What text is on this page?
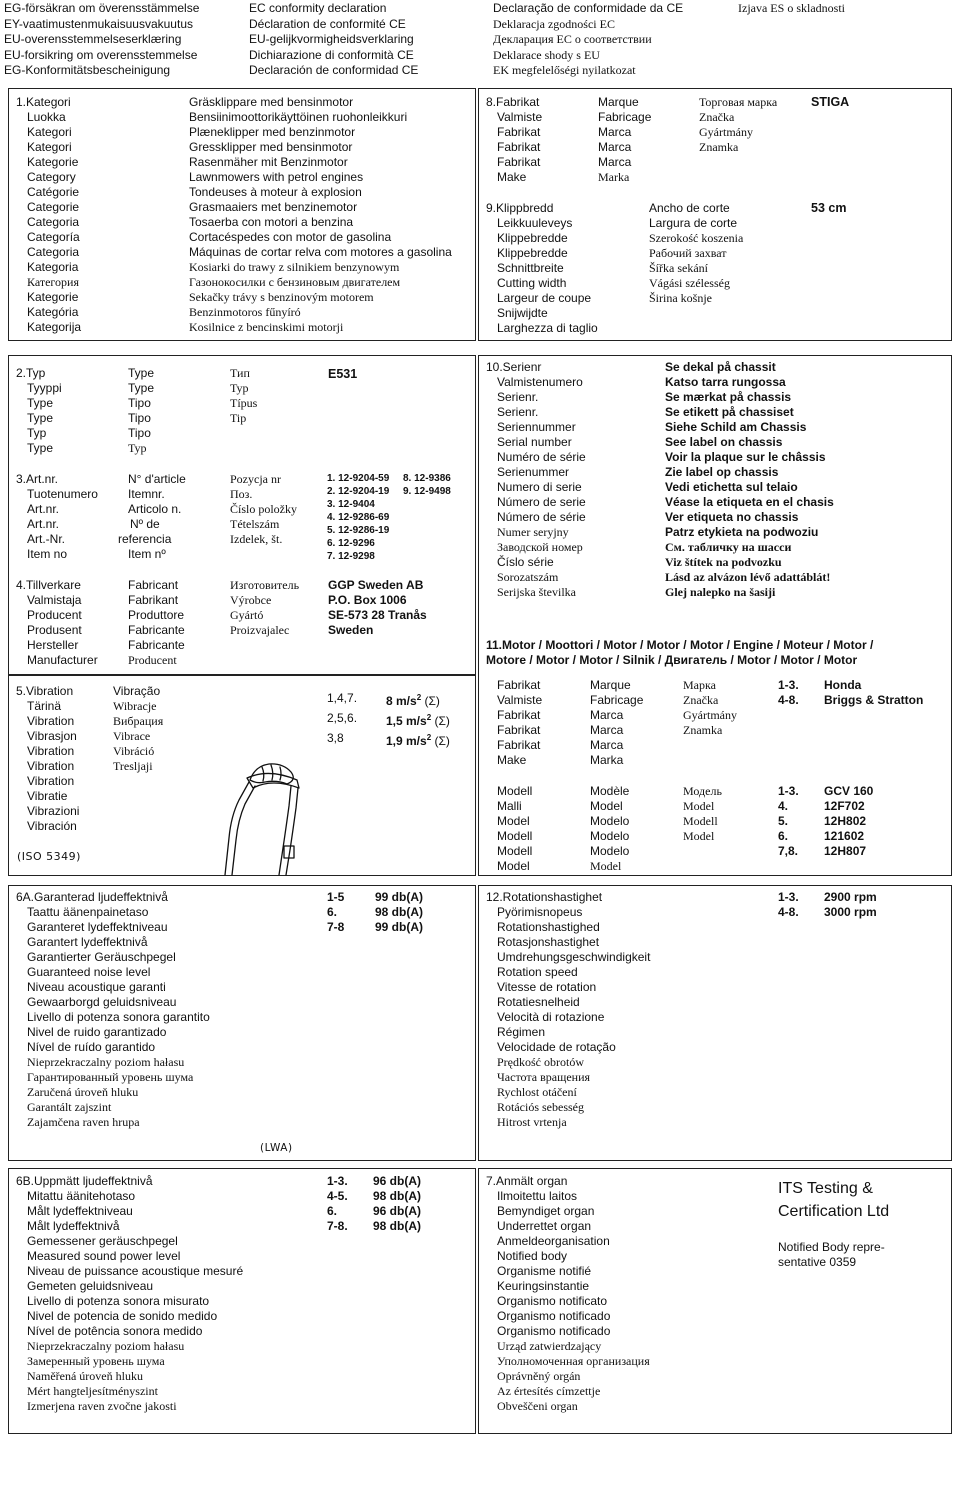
EG-försäkran om överensstämmelse
EY-vaatimustenmukaisuusvakuutus
EU-overensstemmelseserklæring
EU-forsikring om overensstemmelse
EG-Konformitätsbescheinigung
EC conformity declaration
Déclaration de conformité CE
EU-gelijkvormigheidsverklaring
Dichiarazione di conformità CE
Declaración de conformidad CE
Declaração de conformidade da CE
Deklaracja zgodności EC
Декларация ЕС о соответствии
Deklarace shody s EU
EK megfelelőségi nyilatkozat
Izjava ES o skladnosti
1.Kategori
Luokka
Kategori
Kategori
Kategorie
Category
Catégorie
Categorie
Categoria
Categoría
Categoria
Kategoria
Категория
Kategorie
Kategória
Kategorija
Gräsklippare med bensinmotor
Bensiinimoottorikäyttöinen ruohonleikkuri
Plæneklipper med benzinmotor
Gressklipper med bensinmotor
Rasenmäher mit Benzinmotor
Lawnmowers with petrol engines
Tondeuses à moteur à explosion
Grasmaaiers met benzinemotor
Tosaerba con motori a benzina
Cortacéspedes con motor de gasolina
Máquinas de cortar relva com motores a gasolina
Kosiarki do trawy z silnikiem benzynowym
Газонокосилки с бензиновым двигателем
Sekačky trávy s benzinovým motorem
Benzinmotoros fűnyíró
Kosilnice z bencinskimi motorji
8.Fabrikat
Valmiste
Fabrikat
Fabrikat
Fabrikat
Make
Marque
Fabricage
Marca
Marca
Marca
Marka
Торговая марка
Značka
Gyártmány
Znamka
STIGA
9.Klippbredd
Leikkuuleveys
Klippebredde
Klippebredde
Schnittbreite
Cutting width
Largeur de coupe
Snijwijdte
Larghezza di taglio
Ancho de corte
Largura de corte
Szerokość koszenia
Рабочий захват
Šířka sekání
Vágási szélesség
Širina košnje
53 cm
2.Typ
Tyyppi
Type
Type
Typ
Type
Type
Type
Tipo
Tipo
Tipo
Typ
Тип
Typ
Típus
Tip
E531
3.Art.nr.
Tuotenumero
Art.nr.
Art.nr.
Art.-Nr.
Item no
N° d'article
Itemnr.
Articolo n.
Nº de
referencia
Item nº
Pozycja nr
Поз.
Číslo položky
Tételszám
Izdelek, št.
1. 12-9204-59
2. 12-9204-19
3. 12-9404
4. 12-9286-69
5. 12-9286-19
6. 12-9296
7. 12-9298
8. 12-9386
9. 12-9498
4.Tillverkare
Valmistaja
Producent
Produsent
Hersteller
Manufacturer
Fabricant
Fabrikant
Produttore
Fabricante
Fabricante
Producent
Изготовитель
Výrobce
Gyártó
Proizvajalec
GGP Sweden AB
P.O. Box 1006
SE-573 28 Tranås
Sweden
5.Vibration
Tärinä
Vibration
Vibrasjon
Vibration
Vibration
Vibration
Vibratie
Vibrazioni
Vibración
Vibração
Wibracje
Вибрация
Vibrace
Vibráció
Tresljaji
(ISO 5349)
1,4,7.
2,5,6.
3,8
8 $m/s^2$ (Σ)
1,5 $m/s^2$ (Σ)
1,9 $m/s^2$ (Σ)
10.Serienr
Valmistenumero
Serienr.
Serienr.
Seriennummer
Serial number
Numéro de série
Serienummer
Numero di serie
Número de serie
Número de série
Numer seryjny
Заводской номер
Číslo série
Sorozatszám
Serijska številka
Se dekal på chassit
Katso tarra rungossa
Se mærkat på chassis
Se etikett på chassiset
Siehe Schild am Chassis
See label on chassis
Voir la plaque sur le châssis
Zie label op chassis
Vedi etichetta sul telaio
Véase la etiqueta en el chasis
Ver etiqueta no chassis
Patrz etykieta na podwoziu
См. табличку на шасси
Viz štítek na podvozku
Lásd az alvázon lévő adattáblát!
Glej nalepko na šasiji
11.Motor / Moottori / Motor / Motor / Motor / Engine / Moteur / Motor /
Motore / Motor / Motor / Silnik / Двигатель / Motor / Motor / Motor
Fabrikat
Valmiste
Fabrikat
Fabrikat
Fabrikat
Make
Marque
Fabricage
Marca
Marca
Marca
Marka
Марка
Značka
Gyártmány
Znamka
1-3.
4-8.
Honda
Briggs & Stratton
Modell
Malli
Model
Modell
Modell
Model
Modèle
Model
Modelo
Modelo
Modelo
Model
Модель
Model
Modell
Model
1-3.
4.
5.
6.
7,8.
GCV 160
12F702
12H802
121602
12H807
6A.Garanterad ljudeffektnivå
Taattu äänenpainetaso
Garanteret lydeffektniveau
Garantert lydeffektnivå
Garantierter Geräuschpegel
Guaranteed noise level
Niveau acoustique garanti
Gewaarborgd geluidsniveau
Livello di potenza sonora garantito
Nivel de ruido garantizado
Nível de ruído garantido
Nieprzekraczalny poziom hałasu
Гарантированный уровень шума
Zaručená úroveň hluku
Garantált zajszint
Zajamčena raven hrupa
1-5
6.
7-8
99 db(A)
98 db(A)
99 db(A)
(LWA)
12.Rotationshastighet
Pyörimisnopeus
Rotationshastighed
Rotasjonshastighet
Umdrehungsgeschwindigkeit
Rotation speed
Vitesse de rotation
Rotatiesnelheid
Velocità di rotazione
Régimen
Velocidade de rotação
Prędkość obrotów
Частота вращения
Rychlost otáčení
Rotációs sebesség
Hitrost vrtenja
1-3.
4-8.
2900 rpm
3000 rpm
6B.Uppmätt ljudeffektnivå
Mitattu äänitehotaso
Målt lydeffektniveau
Målt lydeffektnivå
Gemessener geräuschpegel
Measured sound power level
Niveau de puissance acoustique mesuré
Gemeten geluidsniveau
Livello di potenza sonora misurato
Nivel de potencia de sonido medido
Nível de potência sonora medido
Nieprzekraczalny poziom hałasu
Замеренный уровень шума
Naměřená úroveň hluku
Mért hangteljesítményszint
Izmerjena raven zvočne jakosti
1-3.
4-5.
6.
7-8.
96 db(A)
98 db(A)
96 db(A)
98 db(A)
7.Anmält organ
Ilmoitettu laitos
Bemyndiget organ
Underrettet organ
Anmeldeorganisation
Notified body
Organisme notifié
Keuringsinstantie
Organismo notificato
Organismo notificado
Organismo notificado
Urząd zatwierdzający
Уполномоченная организация
Oprávněný orgán
Az értesítés címzettje
Obveščeni organ
ITS Testing &
Certification Ltd
Notified Body repre-
sentative 0359
